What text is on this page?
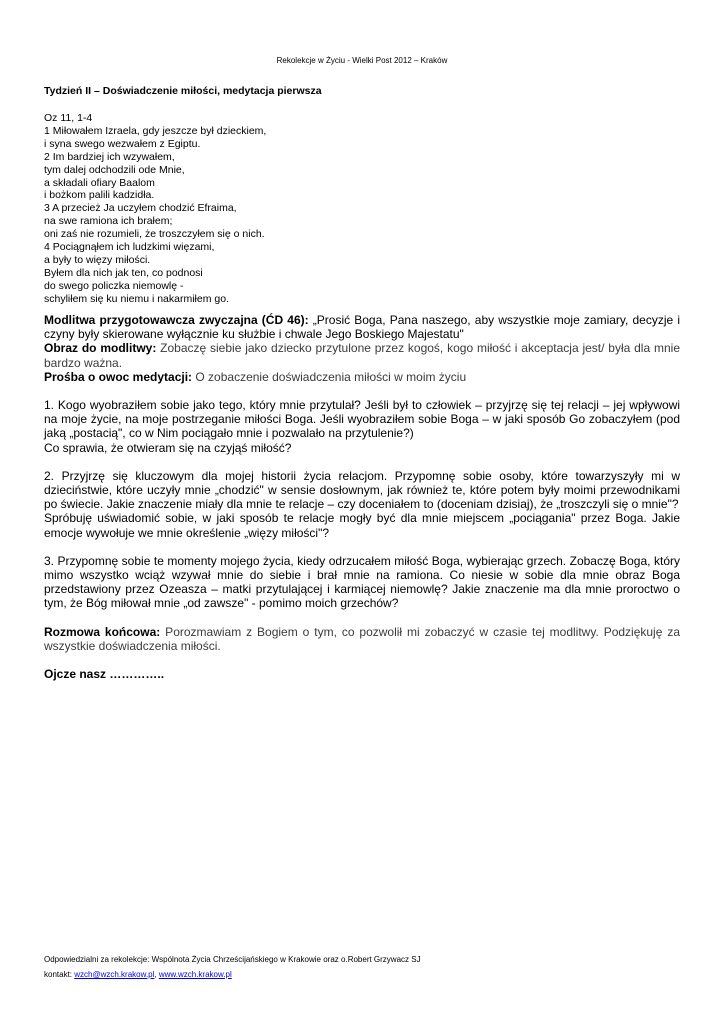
Rekolekcje w Życiu - Wielki Post 2012 – Kraków
Tydzień II – Doświadczenie miłości, medytacja pierwsza
Oz 11, 1-4
1 Miłowałem Izraela, gdy jeszcze był dzieckiem,
i syna swego wezwałem z Egiptu.
2 Im bardziej ich wzywałem,
tym dalej odchodzili ode Mnie,
a składali ofiary Baalom
i bożkom palili kadzidła.
3 A przecież Ja uczyłem chodzić Efraima,
na swe ramiona ich brałem;
oni zaś nie rozumieli, że troszczyłem się o nich.
4 Pociągnąłem ich ludzkimi więzami,
a były to więzy miłości.
Byłem dla nich jak ten, co podnosi
do swego policzka niemowlę -
schyliłem się ku niemu i nakarmiłem go.

Modlitwa przygotowawcza zwyczajna (ĆD 46): „Prosić Boga, Pana naszego, aby wszystkie moje zamiary, decyzje i czyny były skierowane wyłącznie ku służbie i chwale Jego Boskiego Majestatu"

Obraz do modlitwy: Zobaczę siebie jako dziecko przytulone przez kogoś, kogo miłość i akceptacja jest/ była dla mnie bardzo ważna.

Prośba o owoc medytacji: O zobaczenie doświadczenia miłości w moim życiu

1. Kogo wyobraziłem sobie jako tego, który mnie przytulał? Jeśli był to człowiek – przyjrzę się tej relacji – jej wpływowi na moje życie, na moje postrzeganie miłości Boga. Jeśli wyobraziłem sobie Boga – w jaki sposób Go zobaczyłem (pod jaką „postacią", co w Nim pociągało mnie i pozwalało na przytulenie?)

Co sprawia, że otwieram się na czyjąś miłość?

2. Przyjrzę się kluczowym dla mojej historii życia relacjom. Przypomnę sobie osoby, które towarzyszyły mi w dzieciństwie, które uczyły mnie „chodzić" w sensie dosłownym, jak również te, które potem były moimi przewodnikami po świecie. Jakie znaczenie miały dla mnie te relacje – czy doceniałem to (doceniam dzisiaj), że „troszczyli się o mnie"?

Spróbuję uświadomić sobie, w jaki sposób te relacje mogły być dla mnie miejscem „pociągania" przez Boga. Jakie emocje wywołuje we mnie określenie „więzy miłości"?

3. Przypomnę sobie te momenty mojego życia, kiedy odrzucałem miłość Boga, wybierając grzech. Zobaczę Boga, który mimo wszystko wciąż wzywał mnie do siebie i brał mnie na ramiona. Co niesie w sobie dla mnie obraz Boga przedstawiony przez Ozeasza – matki przytulającej i karmiącej niemowlę? Jakie znaczenie ma dla mnie proroctwo o tym, że Bóg miłował mnie „od zawsze" - pomimo moich grzechów?

Rozmowa końcowa: Porozmawiam z Bogiem o tym, co pozwolił mi zobaczyć w czasie tej modlitwy. Podziękuję za wszystkie doświadczenia miłości.

Ojcze nasz …………..

Odpowiedzialni za rekolekcje: Wspólnota Życia Chrześcijańskiego w Krakowie oraz o.Robert Grzywacz SJ
kontakt: wzch@wzch.krakow.pl, www.wzch.krakow.pl
